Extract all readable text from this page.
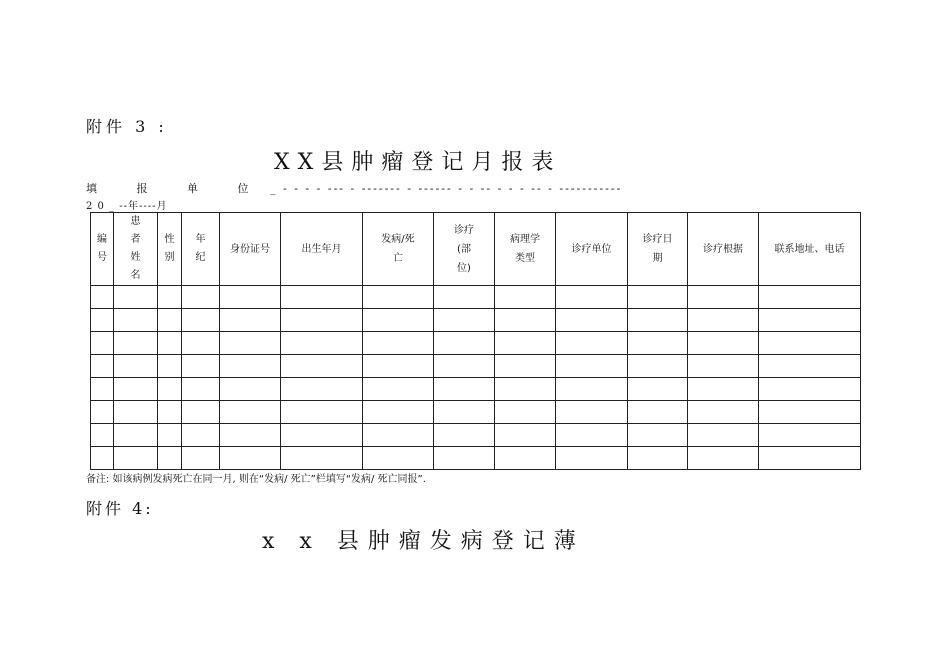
附件 3 :
XX县肿瘤登记月报表
填 报 单 位 _ - - - - --- - ------- - ------ - - -- - - - -- - -----------
2 0 _ --年----月
编号	患者姓名	性别	年纪	身份证号	出生年月	发病/死亡	诊疗(部位)	病理学类型	诊疗单位	诊疗日期	诊疗根据	联系地址、电话

备注: 如该病例发病死亡在同一月, 则在“发病/ 死亡”栏填写“发病/ 死亡同报”.
附件 4:
x x 县肿瘤发病登记薄
